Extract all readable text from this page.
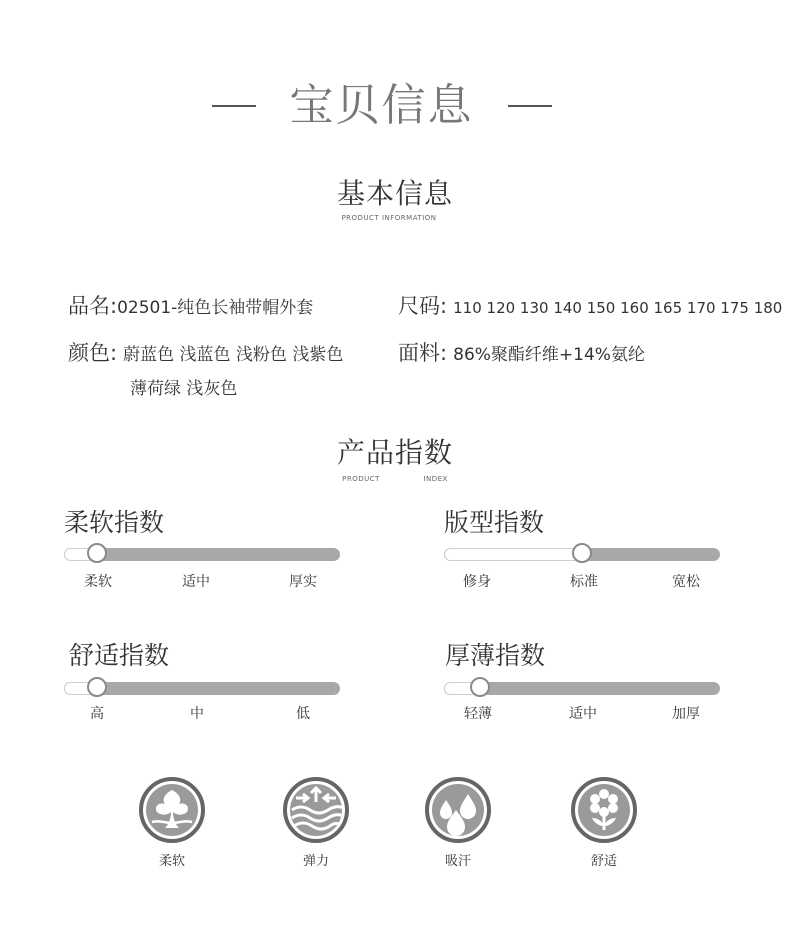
宝贝信息
基本信息
PRODUCT INFORMATION
品名:02501-纯色长袖带帽外套	尺码: 110 120 130 140 150 160 165 170 175 180
颜色: 蔚蓝色 浅蓝色 浅粉色 浅紫色
薄荷绿 浅灰色
面料: 86%聚酯纤维+14%氨纶
产品指数
PRODUCT	INDEX
柔软指数
柔软	适中	厚实
版型指数
修身	标准	宽松
舒适指数
高	中	低
厚薄指数
轻薄	适中	加厚
柔软	弹力	吸汗	舒适
